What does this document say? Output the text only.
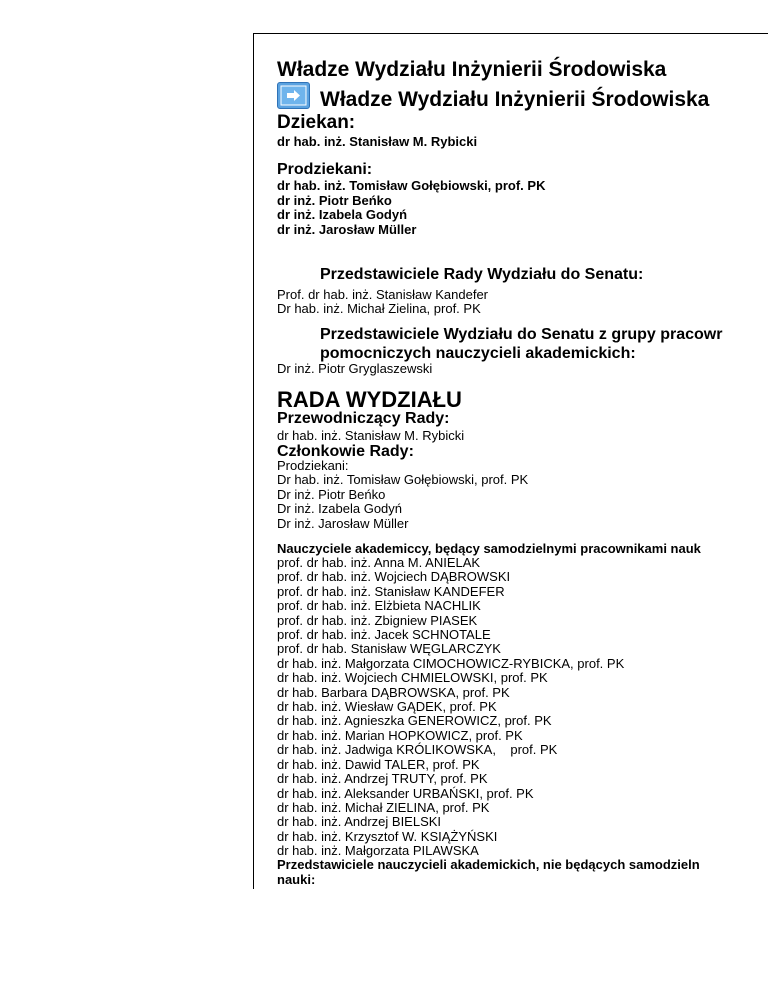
Władze Wydziału Inżynierii Środowiska
Władze Wydziału Inżynierii Środowiska
Dziekan:
dr hab. inż. Stanisław M. Rybicki
Prodziekani:
dr hab. inż. Tomisław Gołębiowski, prof. PK
dr inż. Piotr Beńko
dr inż. Izabela Godyń
dr inż. Jarosław Müller
Przedstawiciele Rady Wydziału do Senatu:
Prof. dr hab. inż. Stanisław Kandefer
Dr hab. inż. Michał Zielina, prof. PK
Przedstawiciele Wydziału do Senatu z grupy pracowr
pomocniczych nauczycieli akademickich:
Dr inż. Piotr Gryglaszewski
RADA WYDZIAŁU
Przewodniczący Rady:
dr hab. inż. Stanisław M. Rybicki
Członkowie Rady:
Prodziekani:
Dr hab. inż. Tomisław Gołębiowski, prof. PK
Dr inż. Piotr Beńko
Dr inż. Izabela Godyń
Dr inż. Jarosław Müller
Nauczyciele akademiccy, będący samodzielnymi pracownikami nauk
prof. dr hab. inż. Anna M. ANIELAK
prof. dr hab. inż. Wojciech DĄBROWSKI
prof. dr hab. inż. Stanisław KANDEFER
prof. dr hab. inż. Elżbieta NACHLIK
prof. dr hab. inż. Zbigniew PIASEK
prof. dr hab. inż. Jacek SCHNOTALE
prof. dr hab. Stanisław WĘGLARCZYK
dr hab. inż. Małgorzata CIMOCHOWICZ-RYBICKA, prof. PK
dr hab. inż. Wojciech CHMIELOWSKI, prof. PK
dr hab. Barbara DĄBROWSKA, prof. PK
dr hab. inż. Wiesław GĄDEK, prof. PK
dr hab. inż. Agnieszka GENEROWICZ, prof. PK
dr hab. inż. Marian HOPKOWICZ, prof. PK
dr hab. inż. Jadwiga KRÓLIKOWSKA,    prof. PK
dr hab. inż. Dawid TALER, prof. PK
dr hab. inż. Andrzej TRUTY, prof. PK
dr hab. inż. Aleksander URBAŃSKI, prof. PK
dr hab. inż. Michał ZIELINA, prof. PK
dr hab. inż. Andrzej BIELSKI
dr hab. inż. Krzysztof W. KSIĄŻYŃSKI
dr hab. inż. Małgorzata PILAWSKA
Przedstawiciele nauczycieli akademickich, nie będących samodzieln
nauki:
